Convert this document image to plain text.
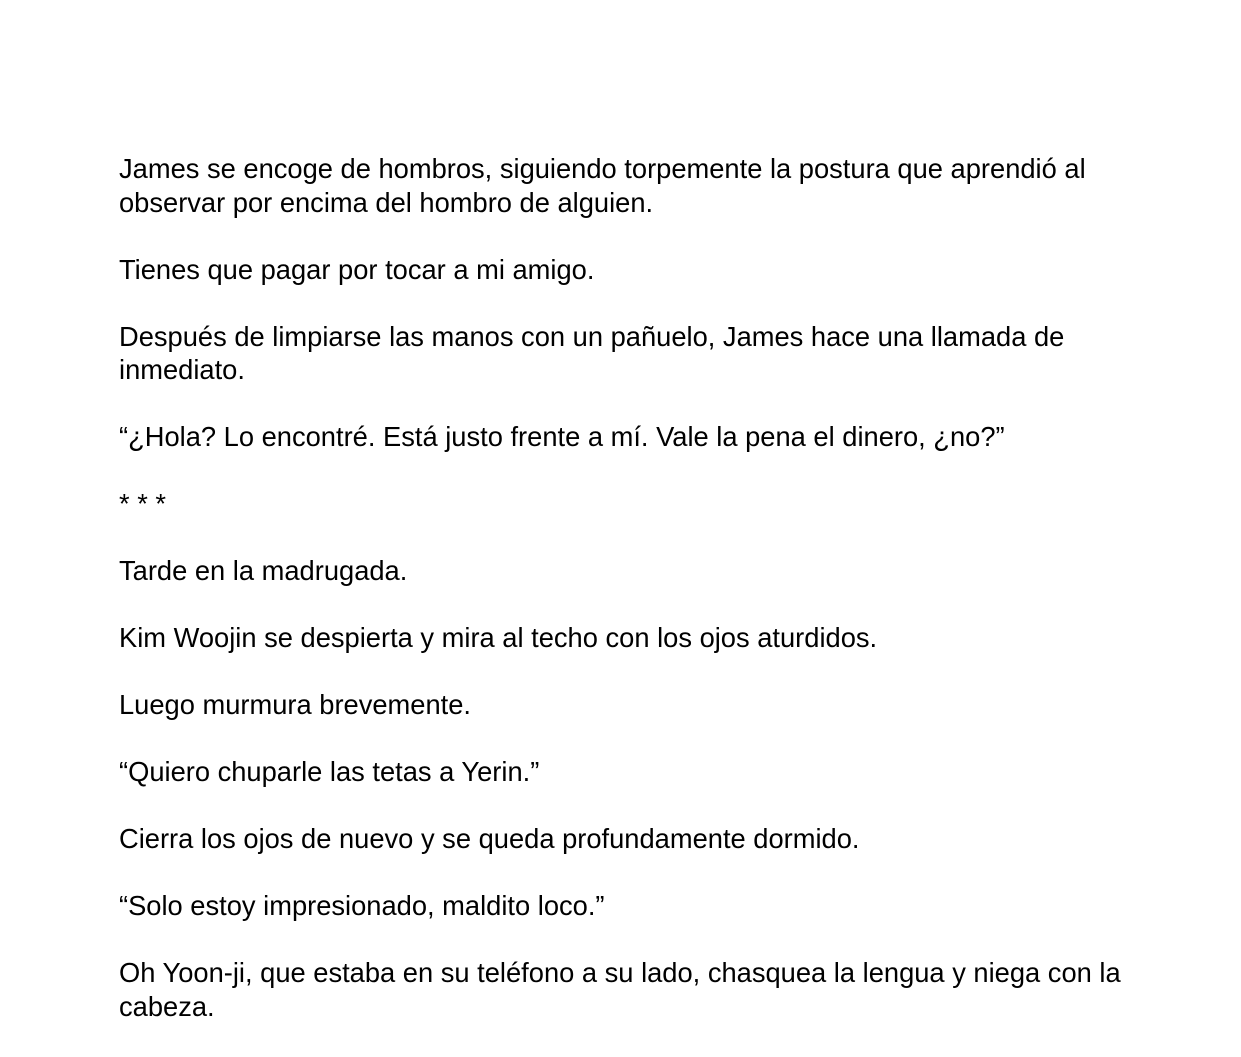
James se encoge de hombros, siguiendo torpemente la postura que aprendió al observar por encima del hombro de alguien.

Tienes que pagar por tocar a mi amigo.

Después de limpiarse las manos con un pañuelo, James hace una llamada de inmediato.

“¿Hola? Lo encontré. Está justo frente a mí. Vale la pena el dinero, ¿no?”

* * *

Tarde en la madrugada.

Kim Woojin se despierta y mira al techo con los ojos aturdidos.

Luego murmura brevemente.

“Quiero chuparle las tetas a Yerin.”

Cierra los ojos de nuevo y se queda profundamente dormido.

“Solo estoy impresionado, maldito loco.”

Oh Yoon-ji, que estaba en su teléfono a su lado, chasquea la lengua y niega con la cabeza.
